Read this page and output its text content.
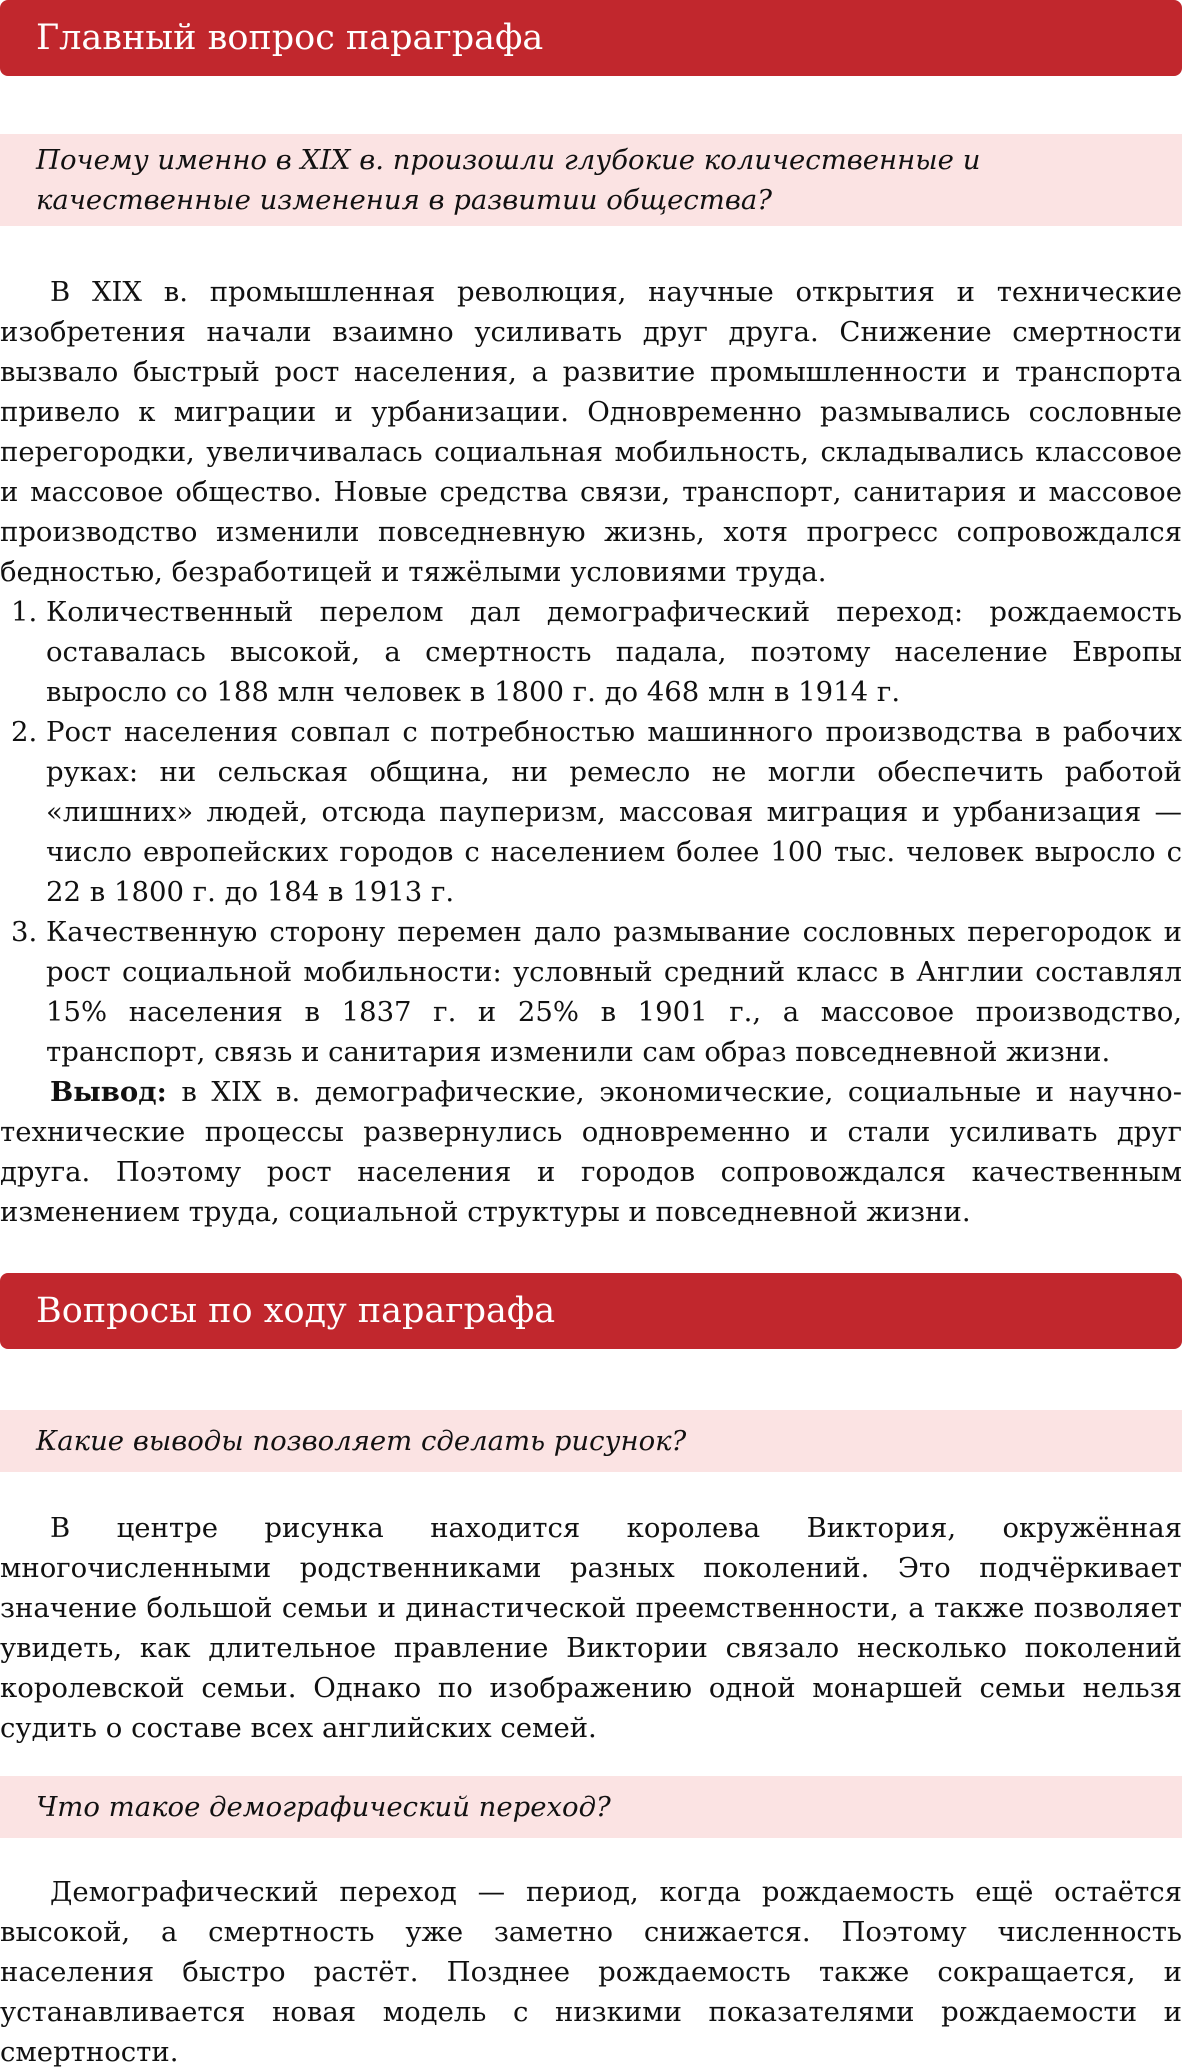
Главный вопрос параграфа
Почему именно в XIX в. произошли глубокие количественные и качественные изменения в развитии общества?

В XIX в. промышленная революция, научные открытия и технические изобретения начали взаимно усиливать друг друга. Снижение смертности вызвало быстрый рост населения, а развитие промышленности и транспорта привело к миграции и урбанизации. Одновременно размывались сословные перегородки, увеличивалась социальная мобильность, складывались классовое и массовое общество. Новые средства связи, транспорт, санитария и массовое производство изменили повседневную жизнь, хотя прогресс сопровождался бедностью, безработицей и тяжёлыми условиями труда.

1. Количественный перелом дал демографический переход: рождаемость оставалась высокой, а смертность падала, поэтому население Европы выросло со 188 млн человек в 1800 г. до 468 млн в 1914 г.
2. Рост населения совпал с потребностью машинного производства в рабочих руках: ни сельская община, ни ремесло не могли обеспечить работой «лишних» людей, отсюда пауперизм, массовая миграция и урбанизация — число европейских городов с населением более 100 тыс. человек выросло с 22 в 1800 г. до 184 в 1913 г.
3. Качественную сторону перемен дало размывание сословных перегородок и рост социальной мобильности: условный средний класс в Англии составлял 15% населения в 1837 г. и 25% в 1901 г., а массовое производство, транспорт, связь и санитария изменили сам образ повседневной жизни.

Вывод: в XIX в. демографические, экономические, социальные и научно-технические процессы развернулись одновременно и стали усиливать друг друга. Поэтому рост населения и городов сопровождался качественным изменением труда, социальной структуры и повседневной жизни.

Вопросы по ходу параграфа
Какие выводы позволяет сделать рисунок?

В центре рисунка находится королева Виктория, окружённая многочисленными родственниками разных поколений. Это подчёркивает значение большой семьи и династической преемственности, а также позволяет увидеть, как длительное правление Виктории связало несколько поколений королевской семьи. Однако по изображению одной монаршей семьи нельзя судить о составе всех английских семей.

Что такое демографический переход?

Демографический переход — период, когда рождаемость ещё остаётся высокой, а смертность уже заметно снижается. Поэтому численность населения быстро растёт. Позднее рождаемость также сокращается, и устанавливается новая модель с низкими показателями рождаемости и смертности.
